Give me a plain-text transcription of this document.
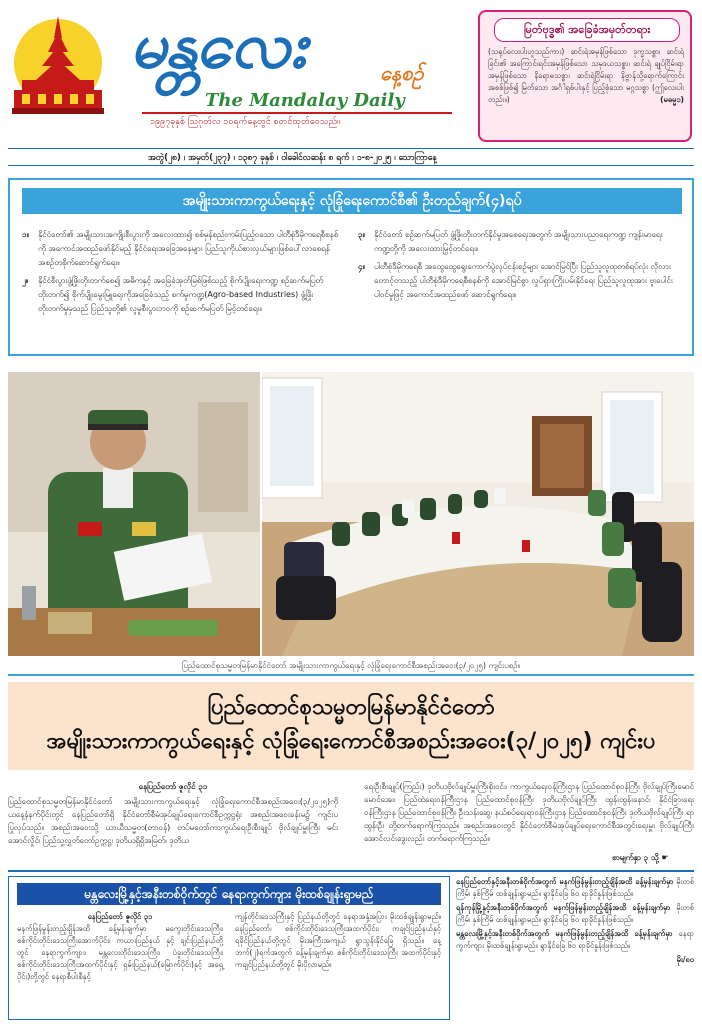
မန္တလေး	နေ့စဉ်
The Mandalay Daily
၁၉၉၇ခုနှစ် ဩဂုတ်လ ၁၀ရက်နေ့တွင် စတင်ထုတ်ဝေသည်။
မြတ်ဗုဒ္ဓ၏ အခြေခံအမှတ်တရား
(သရုပ်လေးပါးဟူသည်ကား) ဆင်းရဲအမှန်ဖြစ်သော ဒုက္ခသစ္စာ၊ ဆင်းရဲခြင်း၏ အကြောင်းရင်းအမှန်ဖြစ်သော သမုဒယသစ္စာ၊ ဆင်းရဲ ချုပ်ငြိမ်းရာအမှန်ဖြစ်သော နိရောဓသစ္စာ၊ ဆင်းရဲငြိမ်းရာ နိဗ္ဗာန်သို့ရောက်ကြောင်း အစစ်ဖြစ်၍ မြတ်သော အင်္ဂါရှစ်ပါးနှင့် ပြည့်စုံသော မဂ္ဂသစ္စာ (ဤလေးပါးတည်း။)	(မဓမ္မ၁)
အတွဲ(၂၈) ၊ အမှတ်(၂၃၇) ၊ ၁၃၈၇ ခုနှစ် ၊ ဝါခေါင်လဆန်း ၈ ရက် ၊ ၁-၈-၂၀၂၅ ၊ သောကြာနေ့
အမျိုးသားကာကွယ်ရေးနှင့် လုံခြုံရေးကောင်စီ၏ ဦးတည်ချက်(၄)ရပ်
၁။	နိုင်ငံတော်၏ အမျိုးသားအကျိုးစီးပွားကို အလေးထား၍ စစ်မှန်စည်းကမ်းပြည့်ဝသော ပါတီစုံဒီမိုကရေစီစနစ်ကို အကောင်အထည်ဖော်နိုင်မည့် နိုင်ငံရေးအခြေအနေများ ပြည်သူကိုယ်စားလှယ်များဖြစ်ပေါ်လာစေရန် အစဉ်တစိုက်ဆောင်ရွက်ရေး။
၂။	နိုင်ငံစီးပွားဖွံ့ဖြိုးတိုးတက်စေ၍ အဓိကနှင့် အခြေခံအုတ်မြစ်ဖြစ်သည့် စိုက်ပျိုးရေးကဏ္ဍ စဉ်ဆက်မပြတ်တိုးတက်၍ စိုက်ပျိုးမွေးမြူရေးကိုအခြေခံသည့် စက်မှုကဏ္ဍ(Agro-based Industries) ဖွံ့ဖြိုးတိုးတက်မှုမှသည် ပြည်သူတို့၏ လူမှုစီးပွားဘဝကို စဉ်ဆက်မပြတ် မြင့်တင်ရေး။
၃။	နိုင်ငံတော် စဉ်ဆက်မပြတ် ဖွံ့ဖြိုးတိုးတက်နိုင်မှုအစေရေးအတွက် အမျိုးသားပညာရေးကဏ္ဍ ကျန်းမာရေးကဏ္ဍတို့ကို အလေးထားမြှင့်တင်ရေး။
၄။	ပါတီစုံဒီမိုကရေစီ အထွေထွေရွေးကောက်ပွဲလုပ်ငန်းစဉ်များ အောင်မြင်ပြီး ပြည်သူလူထုတစ်ရပ်လုံး လိုလားတောင့်တသည့် ပါတီစုံဒီမိုကရေစီစနစ်ကို အောင်မြင်စွာ လှုပ်ရှားကြိုးပမ်းနိုင်ရေး ပြည်သူလူထုအား ဗူးပေါင်းပါဝင်မှုဖြင့် အကောင်အထည်ဖော် ဆောင်ရွက်ရေး။
ပြည်ထောင်စုသမ္မတမြန်မာနိုင်ငံတော် အမျိုးသားကာကွယ်ရေးနှင့် လုံခြုံရေးကောင်စီအစည်းအဝေး(၃/၂၀၂၅) ကျင်းပစဉ်။
ပြည်ထောင်စုသမ္မတမြန်မာနိုင်ငံတော်
အမျိုးသားကာကွယ်ရေးနှင့် လုံခြုံရေးကောင်စီအစည်းအဝေး(၃/၂၀၂၅) ကျင်းပ
နေပြည်တော် ဇူလိုင် ၃၁
ပြည်ထောင်စုသမ္မတမြန်မာနိုင်ငံတော် အမျိုးသားကာကွယ်ရေးနှင့် လုံခြုံရေးကောင်စီအစည်းအဝေး(၃/၂၀၂၅)ကို ယနေ့နံနက်ပိုင်းတွင် နေပြည်တော်ရှိ နိုင်ငံတော်စီမံအုပ်ချုပ်ရေးကောင်စီဥက္ကဋ္ဌရုံး အစည်းအဝေးခန်းမ၌ ကျင်းပပြုလုပ်သည်။ အစည်းအဝေးသို့ ယာယီသမ္မတ(တာဝန်) တပ်မတော်ကာကွယ်ရေးဦးစီးချုပ် ဗိုလ်ချုပ်မှူးကြီး မင်းအောင်လှိုင်၊ ပြည်သူ့လွှတ်တော်ဥက္ကဋ္ဌ၊ ဒုတိယရှိရှိအမြတ်၊ ဒုတိယ
ရေးဦးစီးချုပ်(ကြည်း) ဒုတိယဗိုလ်ချုပ်မှူးကြီးစိုးဝင်း၊ ကာကွယ်ရေးဝန်ကြီးဌာန ပြည်ထောင်စုဝန်ကြီး ဗိုလ်ချုပ်ကြီးမောင်မောင်အေး၊ ပြည်ထဲရေးဝန်ကြီးဌာန ပြည်ထောင်စုဝန်ကြီး ဒုတိယဗိုလ်ချုပ်ကြီး ထွန်းထွန်းနောင်၊ နိုင်ငံခြားရေးဝန်ကြီးဌာန ပြည်ထောင်စုဝန်ကြီး ဦးသန်းဆွေ၊ နယ်စပ်ရေးရာဝန်ကြီးဌာန ပြည်ထောင်စုဝန်ကြီး ဒုတိယဗိုလ်ချုပ်ကြီး ရာထွန်းဦး တို့တက်ရောက်ကြသည်။ အစည်းအဝေးတွင် နိုင်ငံတော်စီမံအုပ်ချုပ်ရေးကောင်စီအတွင်းရေးမှူး ဗိုလ်ချုပ်ကြီးအောင်လင်းဒွေးလည်း တက်ရောက်ကြသည်။
စာမျက်နှာ ၃ သို့ ☛
မန္တလေးမြို့နှင့်အနီးတစ်ဝိုက်တွင် နေရာကွက်ကျား မိုးထစ်ချုန်းရွာမည်
နေပြည်တော် ဇူလိုင် ၃၁
မနက်ဖြန်မွန်းတည့်ချိန်အထိ ခန့်မှန်းချက်မှာ မကွေးတိုင်းဒေသကြီး၊ စစ်ကိုင်းတိုင်းဒေသကြီးအောက်ပိုင်း၊ ကယားပြည်နယ် နှင့် ချင်းပြည်နယ်တို့တွင် နေရာကွက်ကျား၊ မန္တလေးတိုင်းဒေသကြီး၊ ပဲခူးတိုင်းဒေသကြီး၊ စစ်ကိုင်းတိုင်းဒေသကြီးအထက်ပိုင်းနှင့် ရှမ်းပြည်နယ်(မြောက်ပိုင်း)နှင့် အရှေ့ပိုင်း)တို့တွင် နေရာစီပါးစီနှင့်
ကျန်တိုင်းဒေသကြီးနှင့် ပြည်နယ်တို့တွင် နေရာအနှံ့အပြား မိုးထစ်ချုန်းရွာမည်။ နေပြည်တော်၊ စစ်ကိုင်းတိုင်းဒေသကြီးအထက်ပိုင်း၊ ကချင်ပြည်နယ်နှင့် ရခိုင်ပြည်နယ်တို့တွင် မိုးအကြီးအကျယ် ရွာသွန်းနိုင်ခြေ ရှိသည်။ နေ့ဘက်(၂)ရက်အတွက် ခန့်မှန်းချက်မှာ စစ်ကိုင်းတိုင်းဒေသကြီး အထက်ပိုင်းနှင့် ကချင်ပြည်နယ်တို့တွင် မိုးပိုလာမည်။
နေပြည်တော်နှင့်အနီးတစ်ဝိုက်အတွက် မနက်ဖြန်မွန်းတည့်ချိန်အထိ ခန့်မှန်းချက်မှာ မိုးတစ်ကြိမ်၊ နှစ်ကြိမ် ထစ်ချုန်းရွာမည်။ ရွာနိုင်ခြေ ၆၀ ရာခိုင်နှုန်းဖြစ်သည်။
ရန်ကုန်မြို့နှင့်အနီးတစ်ဝိုက်အတွက် မနက်ဖြန်မွန်းတည့်ချိန်အထိ ခန့်မှန်းချက်မှာ မိုးတစ်ကြိမ်၊ နှစ်ကြိမ် ထစ်ချုန်းရွာမည်။ ရွာနိုင်ခြေ ၆၀ ရာခိုင်နှုန်းဖြစ်သည်။
မန္တလေးမြို့နှင့်အနီးတစ်ဝိုက်အတွက် မနက်ဖြန်မွန်းတည့်ချိန်အထိ ခန့်မှန်းချက်မှာ နေရာကွက်ကျား မိုးထစ်ချုန်းရွာမည်။ ရွာနိုင်ခြေ ၆၀ ရာခိုင်နှုန်းဖြစ်သည်။
မိုး/၈၀
